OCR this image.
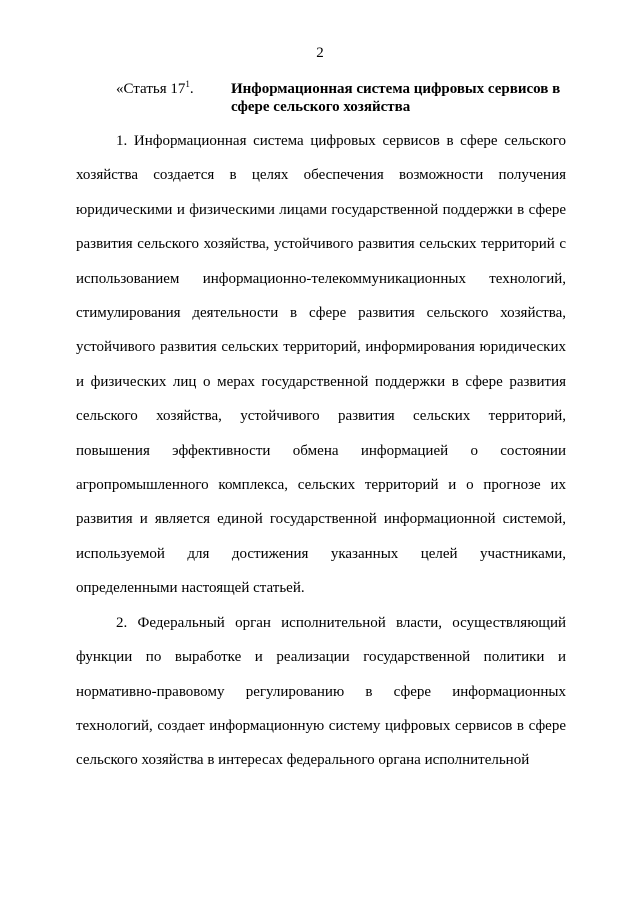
2
«Статья $17^1$. Информационная система цифровых сервисов в сфере сельского хозяйства

1. Информационная система цифровых сервисов в сфере сельского хозяйства создается в целях обеспечения возможности получения юридическими и физическими лицами государственной поддержки в сфере развития сельского хозяйства, устойчивого развития сельских территорий с использованием информационно-телекоммуникационных технологий, стимулирования деятельности в сфере развития сельского хозяйства, устойчивого развития сельских территорий, информирования юридических и физических лиц о мерах государственной поддержки в сфере развития сельского хозяйства, устойчивого развития сельских территорий, повышения эффективности обмена информацией о состоянии агропромышленного комплекса, сельских территорий и о прогнозе их развития и является единой государственной информационной системой, используемой для достижения указанных целей участниками, определенными настоящей статьей.

2. Федеральный орган исполнительной власти, осуществляющий функции по выработке и реализации государственной политики и нормативно-правовому регулированию в сфере информационных технологий, создает информационную систему цифровых сервисов в сфере сельского хозяйства в интересах федерального органа исполнительной
